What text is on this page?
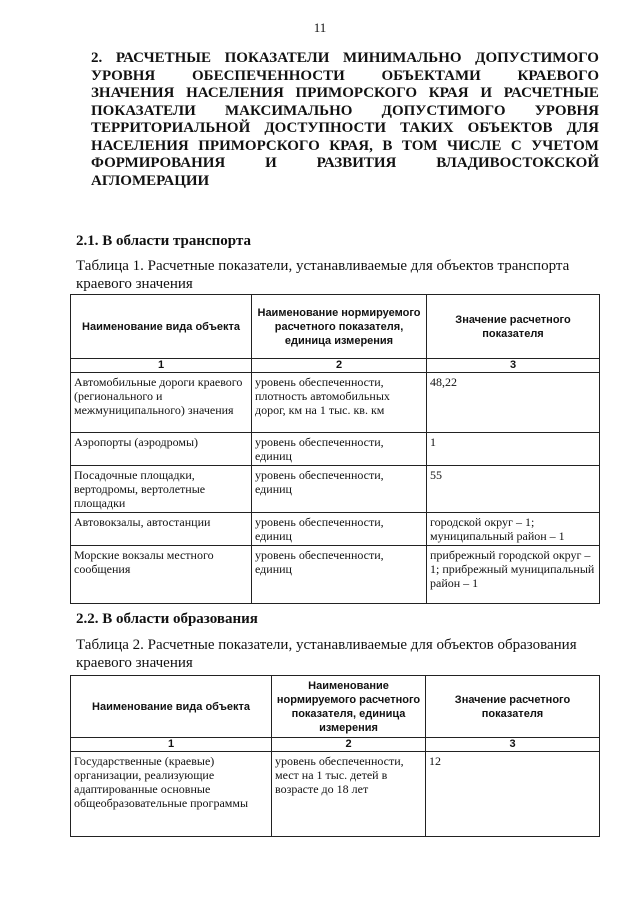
11
2. РАСЧЕТНЫЕ ПОКАЗАТЕЛИ МИНИМАЛЬНО ДОПУСТИМОГО
УРОВНЯ ОБЕСПЕЧЕННОСТИ ОБЪЕКТАМИ КРАЕВОГО
ЗНАЧЕНИЯ НАСЕЛЕНИЯ ПРИМОРСКОГО КРАЯ И РАСЧЕТНЫЕ
ПОКАЗАТЕЛИ МАКСИМАЛЬНО ДОПУСТИМОГО УРОВНЯ
ТЕРРИТОРИАЛЬНОЙ ДОСТУПНОСТИ ТАКИХ ОБЪЕКТОВ ДЛЯ
НАСЕЛЕНИЯ ПРИМОРСКОГО КРАЯ, В ТОМ ЧИСЛЕ С УЧЕТОМ
ФОРМИРОВАНИЯ	И	РАЗВИТИЯ	ВЛАДИВОСТОКСКОЙ
АГЛОМЕРАЦИИ
2.1. В области транспорта
Таблица 1. Расчетные показатели, устанавливаемые для объектов транспорта краевого значения
Наименование вида объекта	Наименование нормируемого расчетного показателя, единица измерения	Значение расчетного показателя
1	2	3
Автомобильные дороги краевого (регионального и межмуниципального) значения	уровень обеспеченности, плотность автомобильных дорог, км на 1 тыс. кв. км	48,22
Аэропорты (аэродромы)	уровень обеспеченности, единиц	1
Посадочные площадки, вертодромы, вертолетные площадки	уровень обеспеченности, единиц	55
Автовокзалы, автостанции	уровень обеспеченности, единиц	городской округ – 1; муниципальный район – 1
Морские вокзалы местного сообщения	уровень обеспеченности, единиц	прибрежный городской округ – 1; прибрежный муниципальный район – 1
2.2. В области образования
Таблица 2. Расчетные показатели, устанавливаемые для объектов образования краевого значения
Наименование вида объекта	Наименование нормируемого расчетного показателя, единица измерения	Значение расчетного показателя
1	2	3
Государственные (краевые) организации, реализующие адаптированные основные общеобразовательные программы	уровень обеспеченности, мест на 1 тыс. детей в возрасте до 18 лет	12
